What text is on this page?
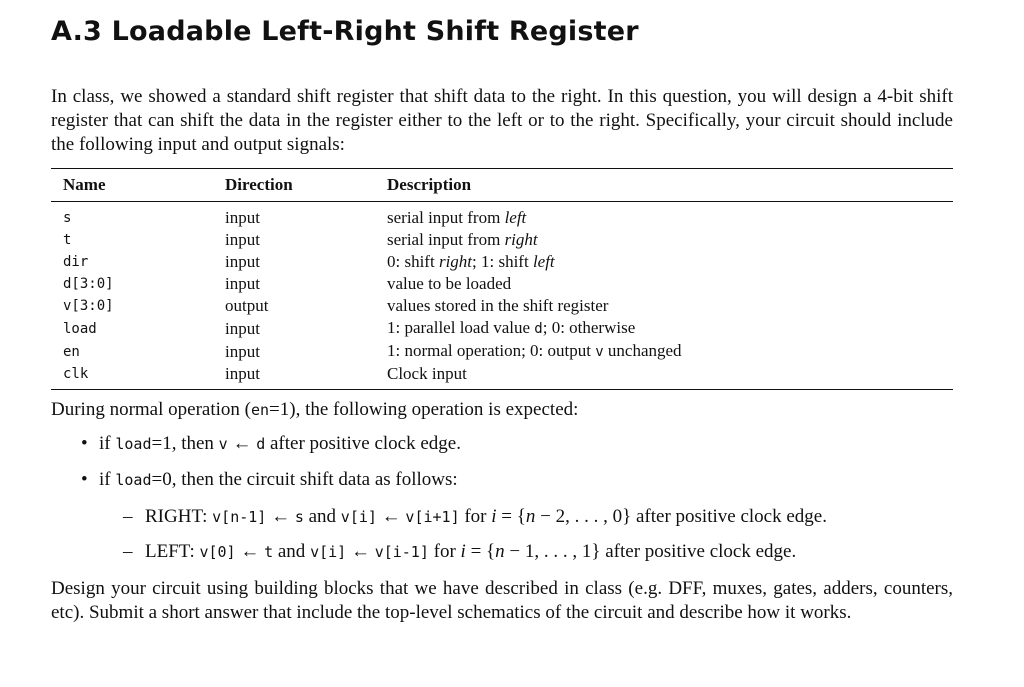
A.3 Loadable Left-Right Shift Register

In class, we showed a standard shift register that shift data to the right. In this question, you will design a 4-bit shift register that can shift the data in the register either to the left or to the right. Specifically, your circuit should include the following input and output signals:

Name	Direction	Description
s	input	serial input from left
t	input	serial input from right
dir	input	0: shift right; 1: shift left
d[3:0]	input	value to be loaded
v[3:0]	output	values stored in the shift register
load	input	1: parallel load value d; 0: otherwise
en	input	1: normal operation; 0: output v unchanged
clk	input	Clock input

During normal operation (en=1), the following operation is expected:

• if load=1, then v ← d after positive clock edge.
• if load=0, then the circuit shift data as follows:
– RIGHT: v[n-1] ← s and v[i] ← v[i+1] for i = {n − 2, . . . , 0} after positive clock edge.
– LEFT: v[0] ← t and v[i] ← v[i-1] for i = {n − 1, . . . , 1} after positive clock edge.

Design your circuit using building blocks that we have described in class (e.g. DFF, muxes, gates, adders, counters, etc). Submit a short answer that include the top-level schematics of the circuit and describe how it works.
